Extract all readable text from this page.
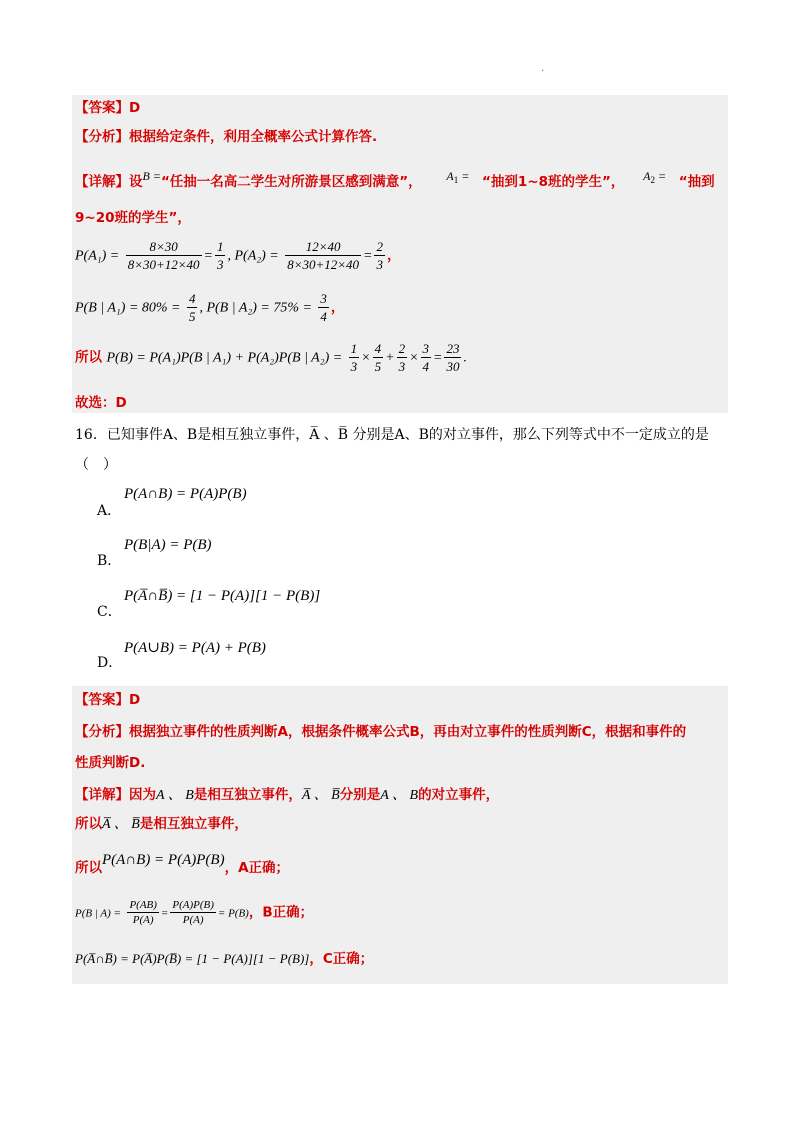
.
【答案】D
【分析】根据给定条件，利用全概率公式计算作答.
【详解】设B =“任抽一名高二学生对所游景区感到满意”， $A_1$ = “抽到1~8班的学生”， $A_2$ = “抽到
9~20班的学生”，
$P(A_1) = \frac{8\times 30}{8\times 30+12\times 40} = \frac{1}{3}$ , $P(A_2) = \frac{12\times 40}{8\times 30+12\times 40} = \frac{2}{3}$ ，
P(B | $A_1) = 80\% = \frac{4}{5}$ , P(B | $A_2) = 75\% = \frac{3}{4}$ ，
所以 P(B) = P(A₁)P(B | A₁) + P(A₂)P(B | $A_2) = \frac{1}{3} \times \frac{4}{5} + \frac{2}{3} \times \frac{3}{4} = \frac{23}{30}$ .
故选：D
16．已知事件A、B是相互独立事件，A̅ 、B̅ 分别是A、B的对立事件，那么下列等式中不一定成立的是
（　）
A．
P(A∩B) = P(A)P(B)
B．
P(B|A) = P(B)
C．
P(A̅∩B̅) = [1 − P(A)][1 − P(B)]
D．
P(A∪B) = P(A) + P(B)
【答案】D
【分析】根据独立事件的性质判断A，根据条件概率公式B，再由对立事件的性质判断C，根据和事件的
性质判断D.
【详解】因为A 、 B是相互独立事件，A̅ 、 B̅分别是A 、 B的对立事件，
所以A̅ 、 B̅是相互独立事件，
所以P(A∩B) = P(A)P(B)，A正确；
P(B | $A) = \frac{P(AB)}{P(A)} = \frac{P(A)P(B)}{P(A)} = P(B)$，B正确；
P(A̅∩B̅) = P(A̅)P(B̅) = [1 − P(A)][1 − P(B)]，C正确；
